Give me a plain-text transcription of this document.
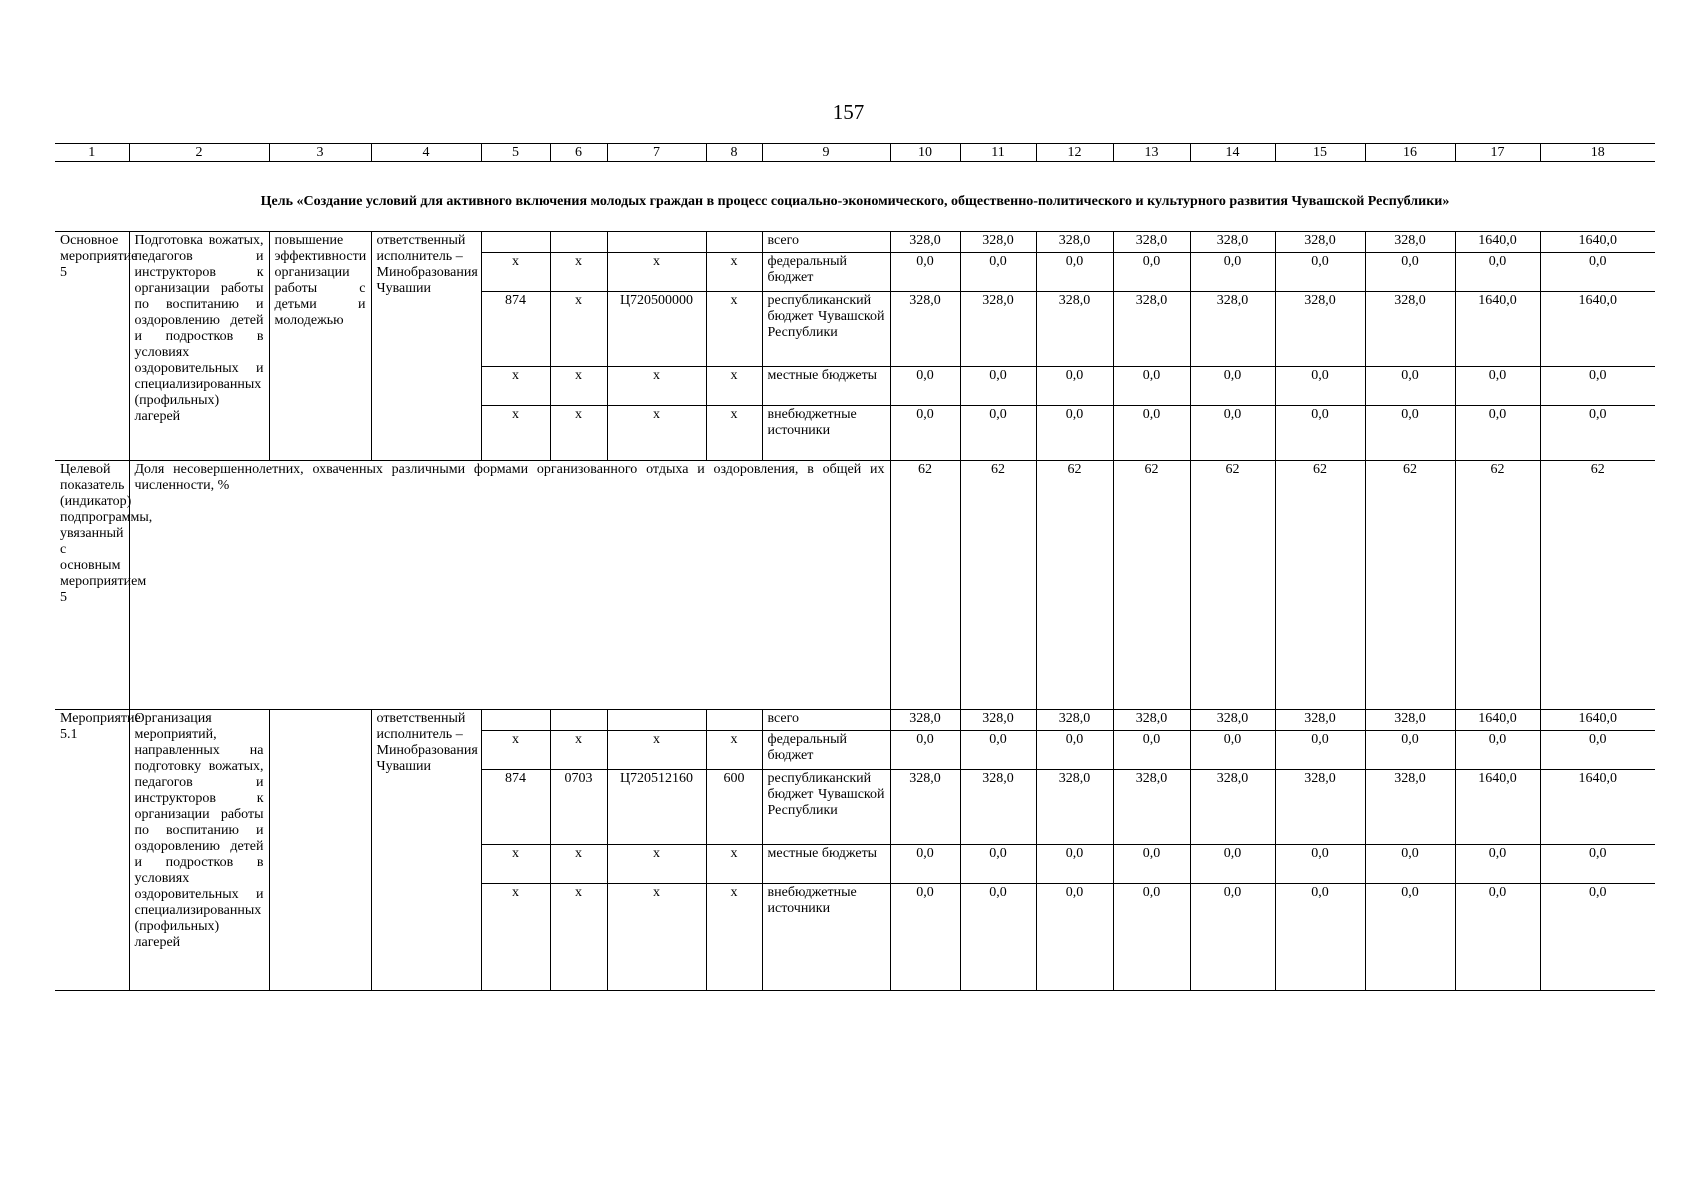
157
1	2	3	4	5	6	7	8	9	10	11	12	13	14	15	16	17	18
Цель «Создание условий для активного включения молодых граждан в процесс социально-экономического, общественно-политического и культурного развития Чувашской Республики»																	
Основное мероприятие 5	Подготовка вожатых, педагогов и инструкторов к организации работы по воспитанию и оздоровлению детей и подростков в условиях оздоровительных и специализированных (профильных) лагерей	повышение эффективности организации работы с детьми и молодежью	ответственный исполнитель – Минобразования Чувашии					всего	328,0	328,0	328,0	328,0	328,0	328,0	328,0	1640,0	1640,0
				x	x	x	x	федеральный бюджет	0,0	0,0	0,0	0,0	0,0	0,0	0,0	0,0	0,0
				874	x	Ц720500000	x	республиканский бюджет Чувашской Республики	328,0	328,0	328,0	328,0	328,0	328,0	328,0	1640,0	1640,0
				x	x	x	x	местные бюджеты	0,0	0,0	0,0	0,0	0,0	0,0	0,0	0,0	0,0
				x	x	x	x	внебюджетные источники	0,0	0,0	0,0	0,0	0,0	0,0	0,0	0,0	0,0
Целевой показатель (индикатор) подпрограммы, увязанный с основным мероприятием 5	Доля несовершеннолетних, охваченных различными формами организованного отдыха и оздоровления, в общей их численности, %								62	62	62	62	62	62	62	62	62
Мероприятие 5.1	Организация мероприятий, направленных на подготовку вожатых, педагогов и инструкторов к организации работы по воспитанию и оздоровлению детей и подростков в условиях оздоровительных и специализированных (профильных) лагерей		ответственный исполнитель – Минобразования Чувашии					всего	328,0	328,0	328,0	328,0	328,0	328,0	328,0	1640,0	1640,0
				x	x	x	x	федеральный бюджет	0,0	0,0	0,0	0,0	0,0	0,0	0,0	0,0	0,0
				874	0703	Ц720512160	600	республиканский бюджет Чувашской Республики	328,0	328,0	328,0	328,0	328,0	328,0	328,0	1640,0	1640,0
				x	x	x	x	местные бюджеты	0,0	0,0	0,0	0,0	0,0	0,0	0,0	0,0	0,0
				x	x	x	x	внебюджетные источники	0,0	0,0	0,0	0,0	0,0	0,0	0,0	0,0	0,0
